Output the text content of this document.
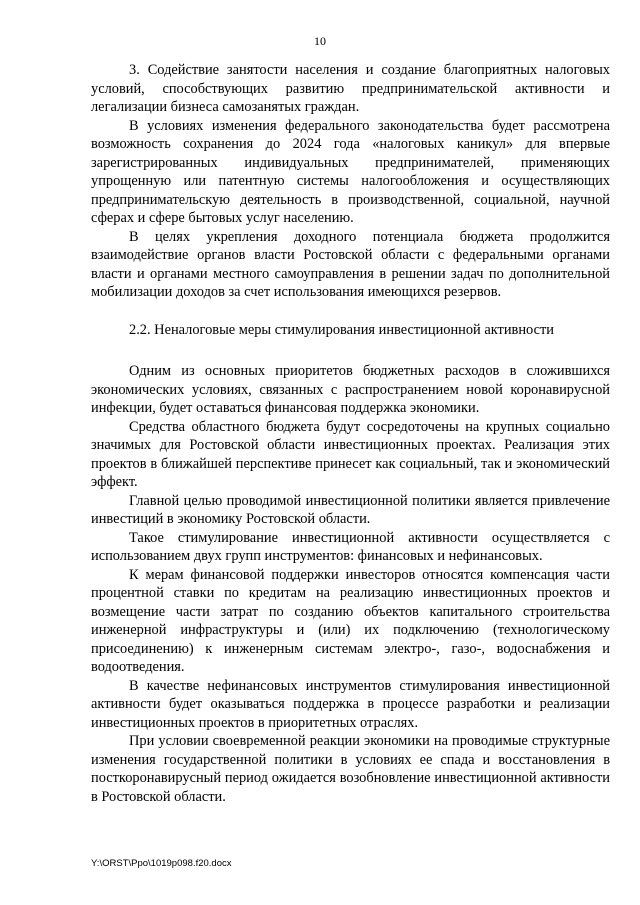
10

3. Содействие занятости населения и создание благоприятных налоговых условий, способствующих развитию предпринимательской активности и легализации бизнеса самозанятых граждан.

В условиях изменения федерального законодательства будет рассмотрена возможность сохранения до 2024 года «налоговых каникул» для впервые зарегистрированных индивидуальных предпринимателей, применяющих упрощенную или патентную системы налогообложения и осуществляющих предпринимательскую деятельность в производственной, социальной, научной сферах и сфере бытовых услуг населению.

В целях укрепления доходного потенциала бюджета продолжится взаимодействие органов власти Ростовской области с федеральными органами власти и органами местного самоуправления в решении задач по дополнительной мобилизации доходов за счет использования имеющихся резервов.

2.2. Неналоговые меры стимулирования инвестиционной активности

Одним из основных приоритетов бюджетных расходов в сложившихся экономических условиях, связанных с распространением новой коронавирусной инфекции, будет оставаться финансовая поддержка экономики.

Средства областного бюджета будут сосредоточены на крупных социально значимых для Ростовской области инвестиционных проектах. Реализация этих проектов в ближайшей перспективе принесет как социальный, так и экономический эффект.

Главной целью проводимой инвестиционной политики является привлечение инвестиций в экономику Ростовской области.

Такое стимулирование инвестиционной активности осуществляется с использованием двух групп инструментов: финансовых и нефинансовых.

К мерам финансовой поддержки инвесторов относятся компенсация части процентной ставки по кредитам на реализацию инвестиционных проектов и возмещение части затрат по созданию объектов капитального строительства инженерной инфраструктуры и (или) их подключению (технологическому присоединению) к инженерным системам электро-, газо-, водоснабжения и водоотведения.

В качестве нефинансовых инструментов стимулирования инвестиционной активности будет оказываться поддержка в процессе разработки и реализации инвестиционных проектов в приоритетных отраслях.

При условии своевременной реакции экономики на проводимые структурные изменения государственной политики в условиях ее спада и восстановления в посткоронавирусный период ожидается возобновление инвестиционной активности в Ростовской области.

Y:\ORST\Ppo\1019p098.f20.docx
